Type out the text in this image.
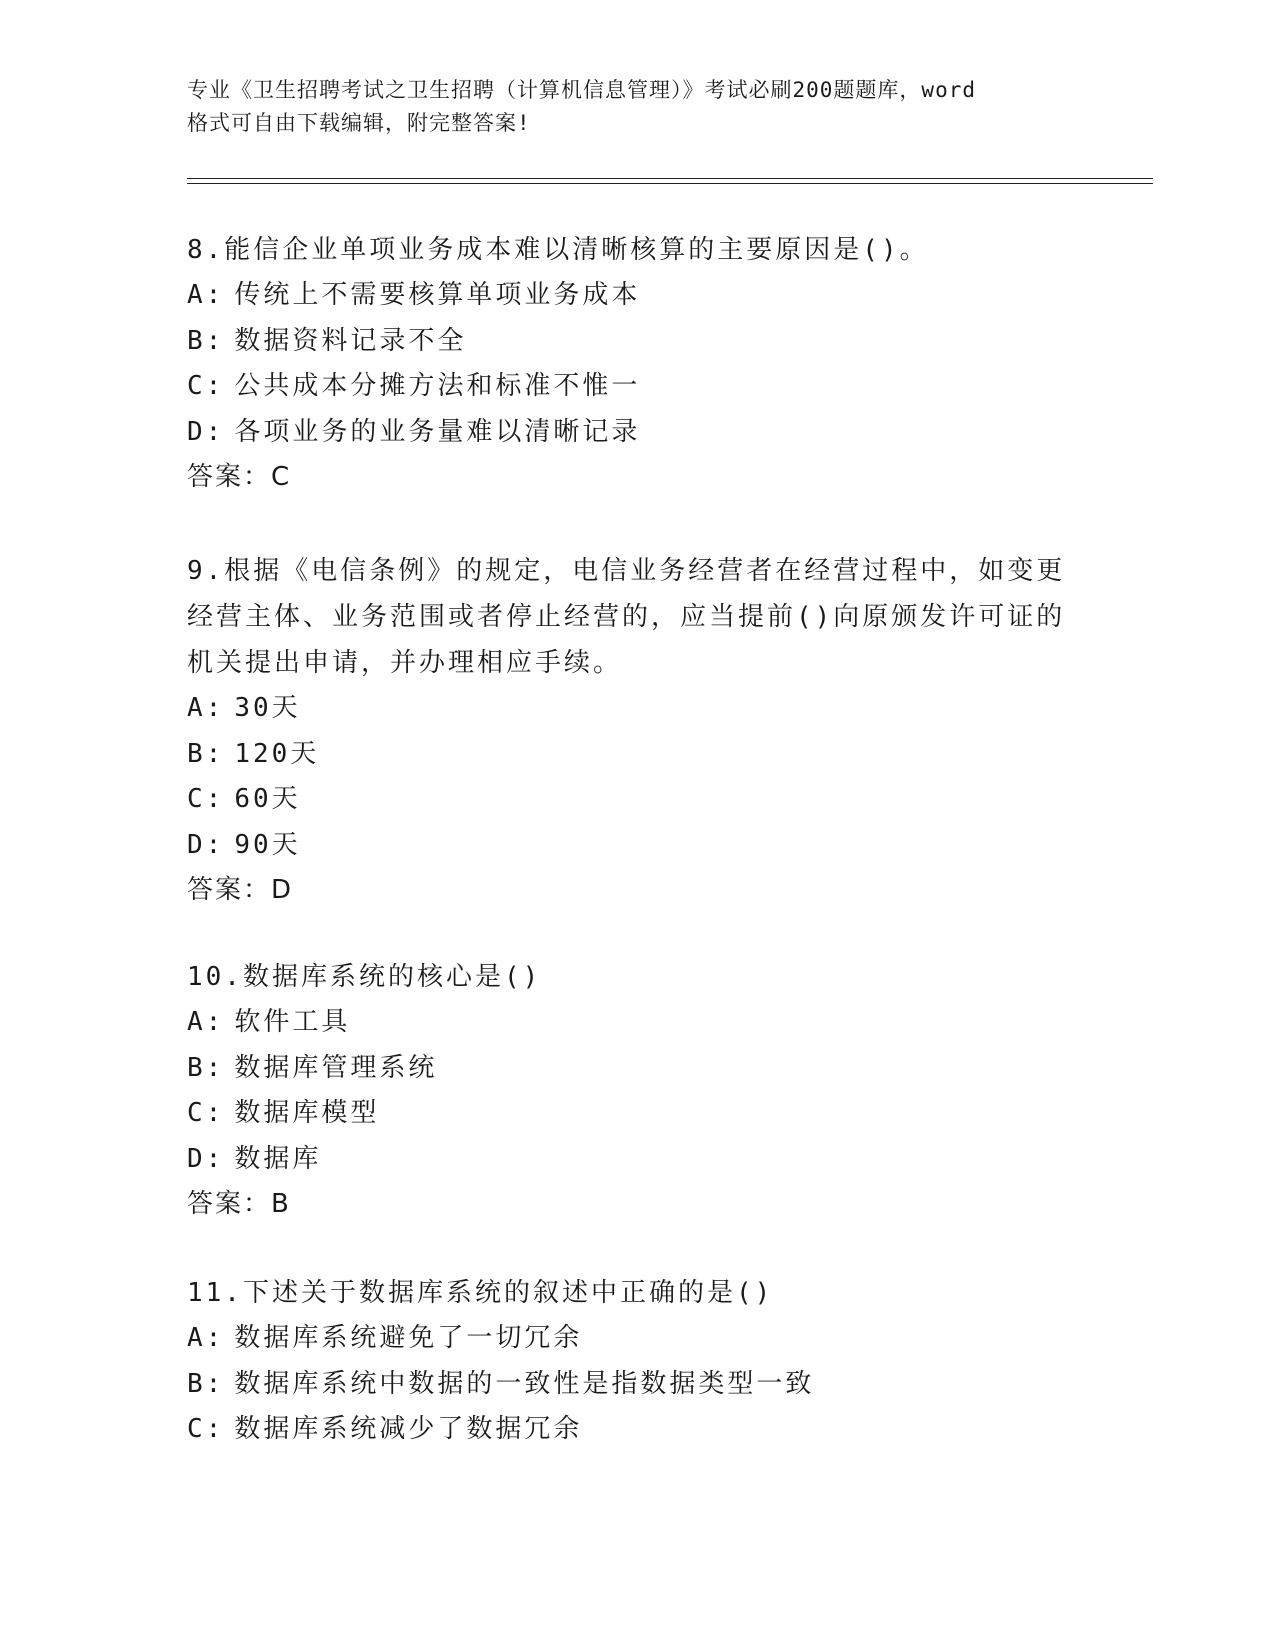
专业《卫生招聘考试之卫生招聘（计算机信息管理）》考试必刷200题题库，word
格式可自由下载编辑，附完整答案!

8.能信企业单项业务成本难以清晰核算的主要原因是()。

A: 传统上不需要核算单项业务成本

B: 数据资料记录不全

C: 公共成本分摊方法和标准不惟一

D: 各项业务的业务量难以清晰记录

答案：C

9.根据《电信条例》的规定，电信业务经营者在经营过程中，如变更

经营主体、业务范围或者停止经营的，应当提前()向原颁发许可证的

机关提出申请，并办理相应手续。

A: 30天

B: 120天

C: 60天

D: 90天

答案：D

10.数据库系统的核心是()

A: 软件工具

B: 数据库管理系统

C: 数据库模型

D: 数据库

答案：B

11.下述关于数据库系统的叙述中正确的是()

A: 数据库系统避免了一切冗余

B: 数据库系统中数据的一致性是指数据类型一致

C: 数据库系统减少了数据冗余
